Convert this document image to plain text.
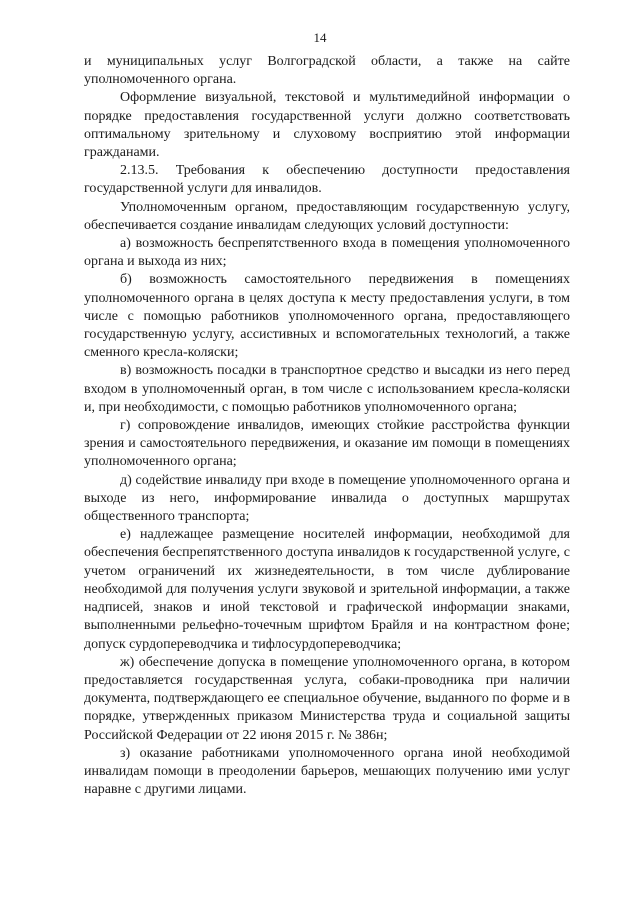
14

и муниципальных услуг Волгоградской области, а также на сайте уполномоченного органа.

Оформление визуальной, текстовой и мультимедийной информации о порядке предоставления государственной услуги должно соответствовать оптимальному зрительному и слуховому восприятию этой информации гражданами.

2.13.5. Требования к обеспечению доступности предоставления государственной услуги для инвалидов.

Уполномоченным органом, предоставляющим государственную услугу, обеспечивается создание инвалидам следующих условий доступности:

а) возможность беспрепятственного входа в помещения уполномоченного органа и выхода из них;

б) возможность самостоятельного передвижения в помещениях уполномоченного органа в целях доступа к месту предоставления услуги, в том числе с помощью работников уполномоченного органа, предоставляющего государственную услугу, ассистивных и вспомогательных технологий, а также сменного кресла-коляски;

в) возможность посадки в транспортное средство и высадки из него перед входом в уполномоченный орган, в том числе с использованием кресла-коляски и, при необходимости, с помощью работников уполномоченного органа;

г) сопровождение инвалидов, имеющих стойкие расстройства функции зрения и самостоятельного передвижения, и оказание им помощи в помещениях уполномоченного органа;

д) содействие инвалиду при входе в помещение уполномоченного органа и выходе из него, информирование инвалида о доступных маршрутах общественного транспорта;

е) надлежащее размещение носителей информации, необходимой для обеспечения беспрепятственного доступа инвалидов к государственной услуге, с учетом ограничений их жизнедеятельности, в том числе дублирование необходимой для получения услуги звуковой и зрительной информации, а также надписей, знаков и иной текстовой и графической информации знаками, выполненными рельефно-точечным шрифтом Брайля и на контрастном фоне; допуск сурдопереводчика и тифлосурдопереводчика;

ж) обеспечение допуска в помещение уполномоченного органа, в котором предоставляется государственная услуга, собаки-проводника при наличии документа, подтверждающего ее специальное обучение, выданного по форме и в порядке, утвержденных приказом Министерства труда и социальной защиты Российской Федерации от 22 июня 2015 г. № 386н;

з) оказание работниками уполномоченного органа иной необходимой инвалидам помощи в преодолении барьеров, мешающих получению ими услуг наравне с другими лицами.
